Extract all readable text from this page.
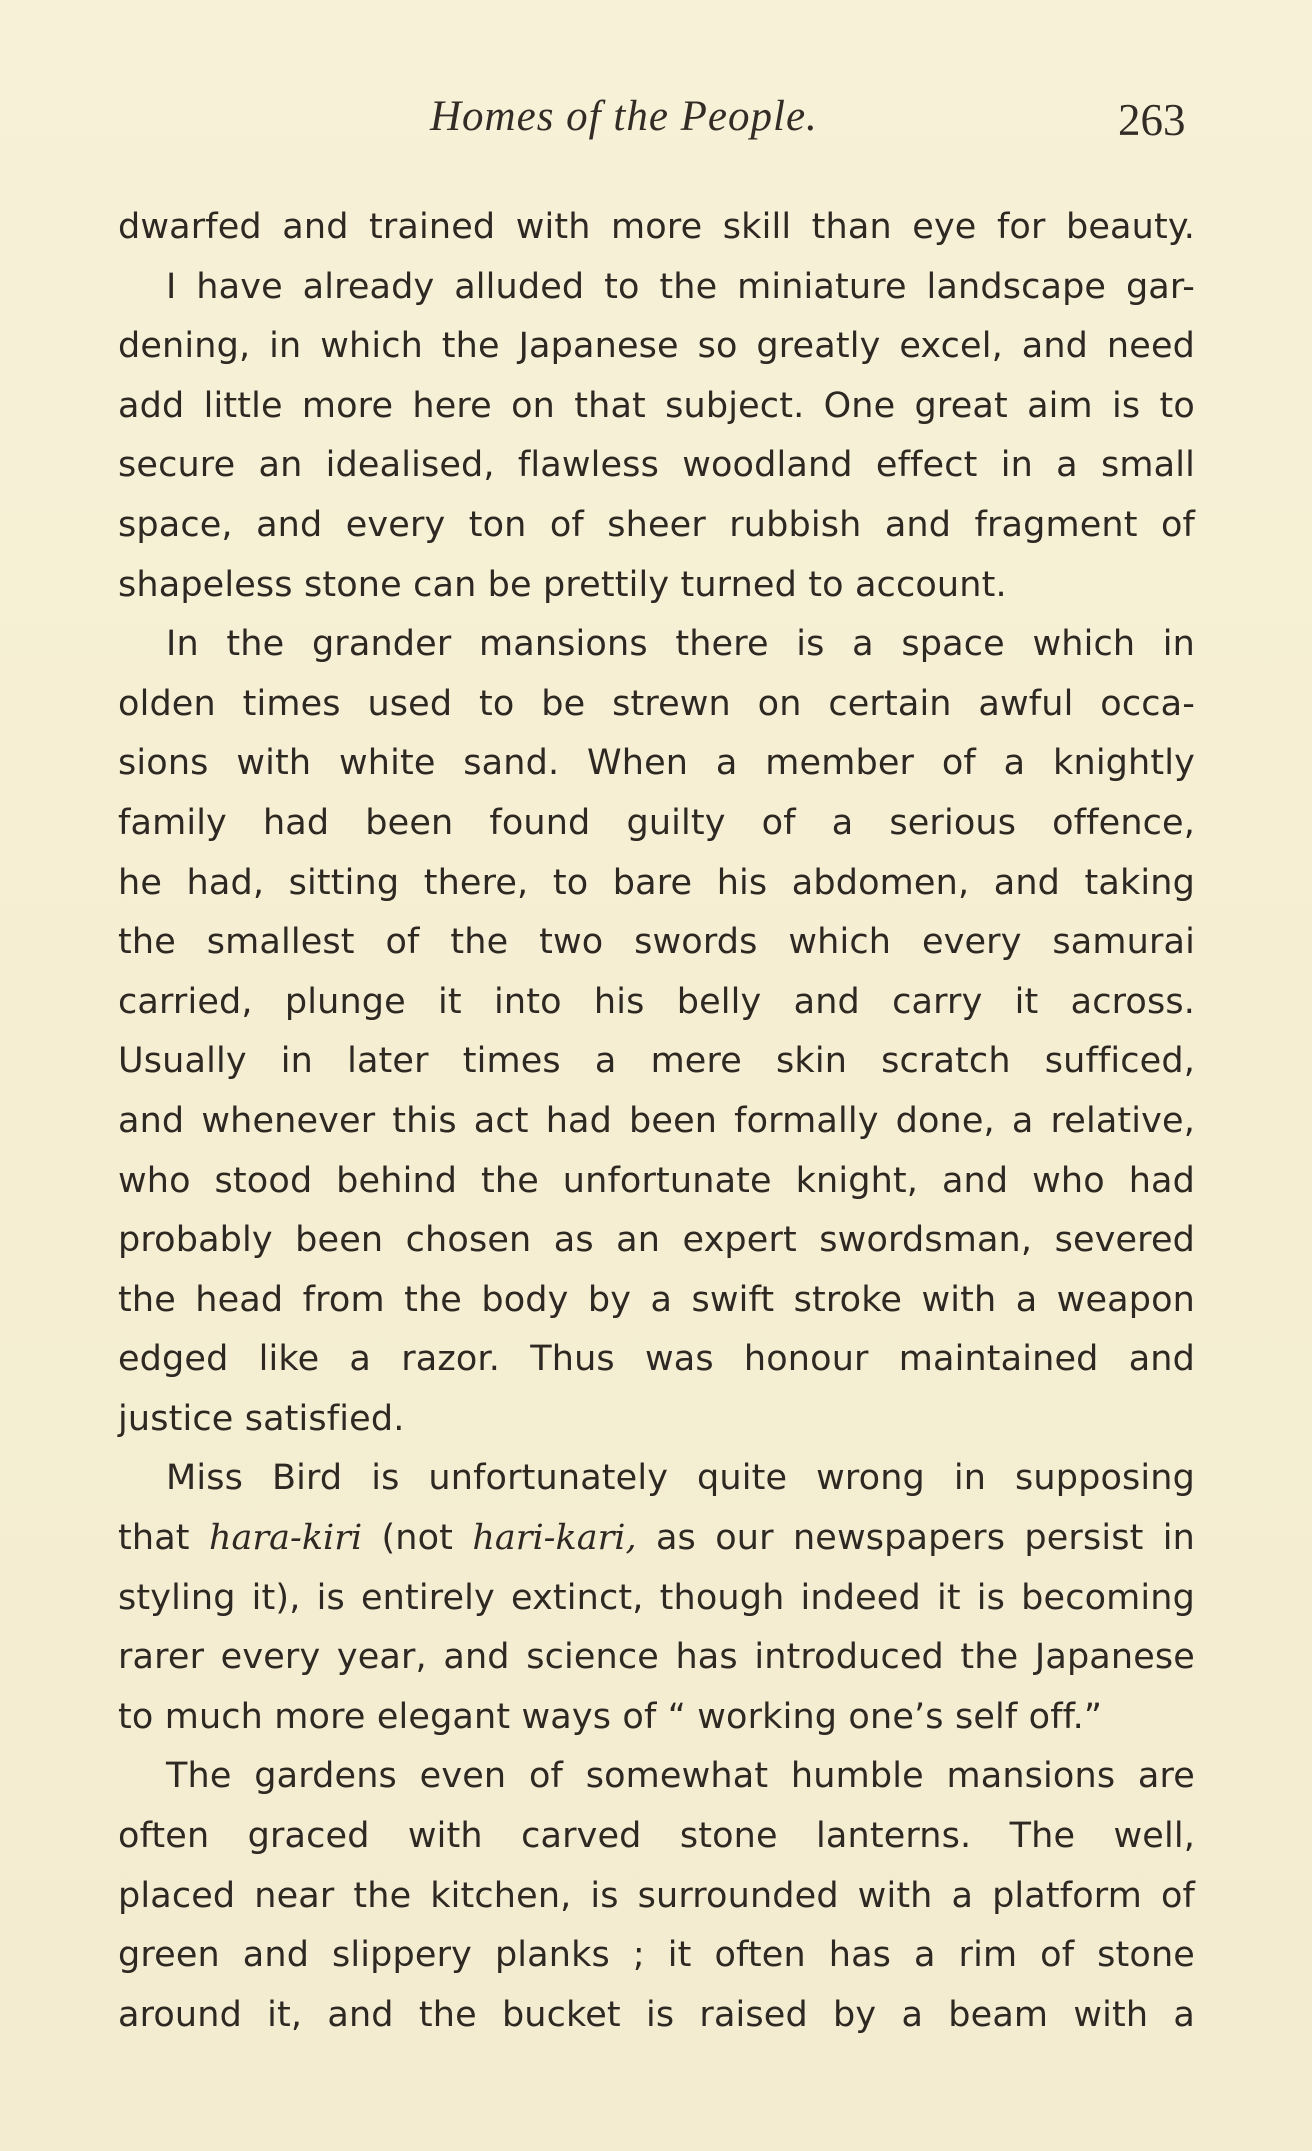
Homes of the People.	263
dwarfed and trained with more skill than eye for beauty.
I have already alluded to the miniature landscape gar-
dening, in which the Japanese so greatly excel, and need
add little more here on that subject. One great aim is to
secure an idealised, flawless woodland effect in a small
space, and every ton of sheer rubbish and fragment of
shapeless stone can be prettily turned to account.
In the grander mansions there is a space which in
olden times used to be strewn on certain awful occa-
sions with white sand. When a member of a knightly
family had been found guilty of a serious offence,
he had, sitting there, to bare his abdomen, and taking
the smallest of the two swords which every samurai
carried, plunge it into his belly and carry it across.
Usually in later times a mere skin scratch sufficed,
and whenever this act had been formally done, a relative,
who stood behind the unfortunate knight, and who had
probably been chosen as an expert swordsman, severed
the head from the body by a swift stroke with a weapon
edged like a razor. Thus was honour maintained and
justice satisfied.
Miss Bird is unfortunately quite wrong in supposing
that hara-kiri (not hari-kari, as our newspapers persist in
styling it), is entirely extinct, though indeed it is becoming
rarer every year, and science has introduced the Japanese
to much more elegant ways of “ working one’s self off.”
The gardens even of somewhat humble mansions are
often graced with carved stone lanterns. The well,
placed near the kitchen, is surrounded with a platform of
green and slippery planks ; it often has a rim of stone
around it, and the bucket is raised by a beam with a
